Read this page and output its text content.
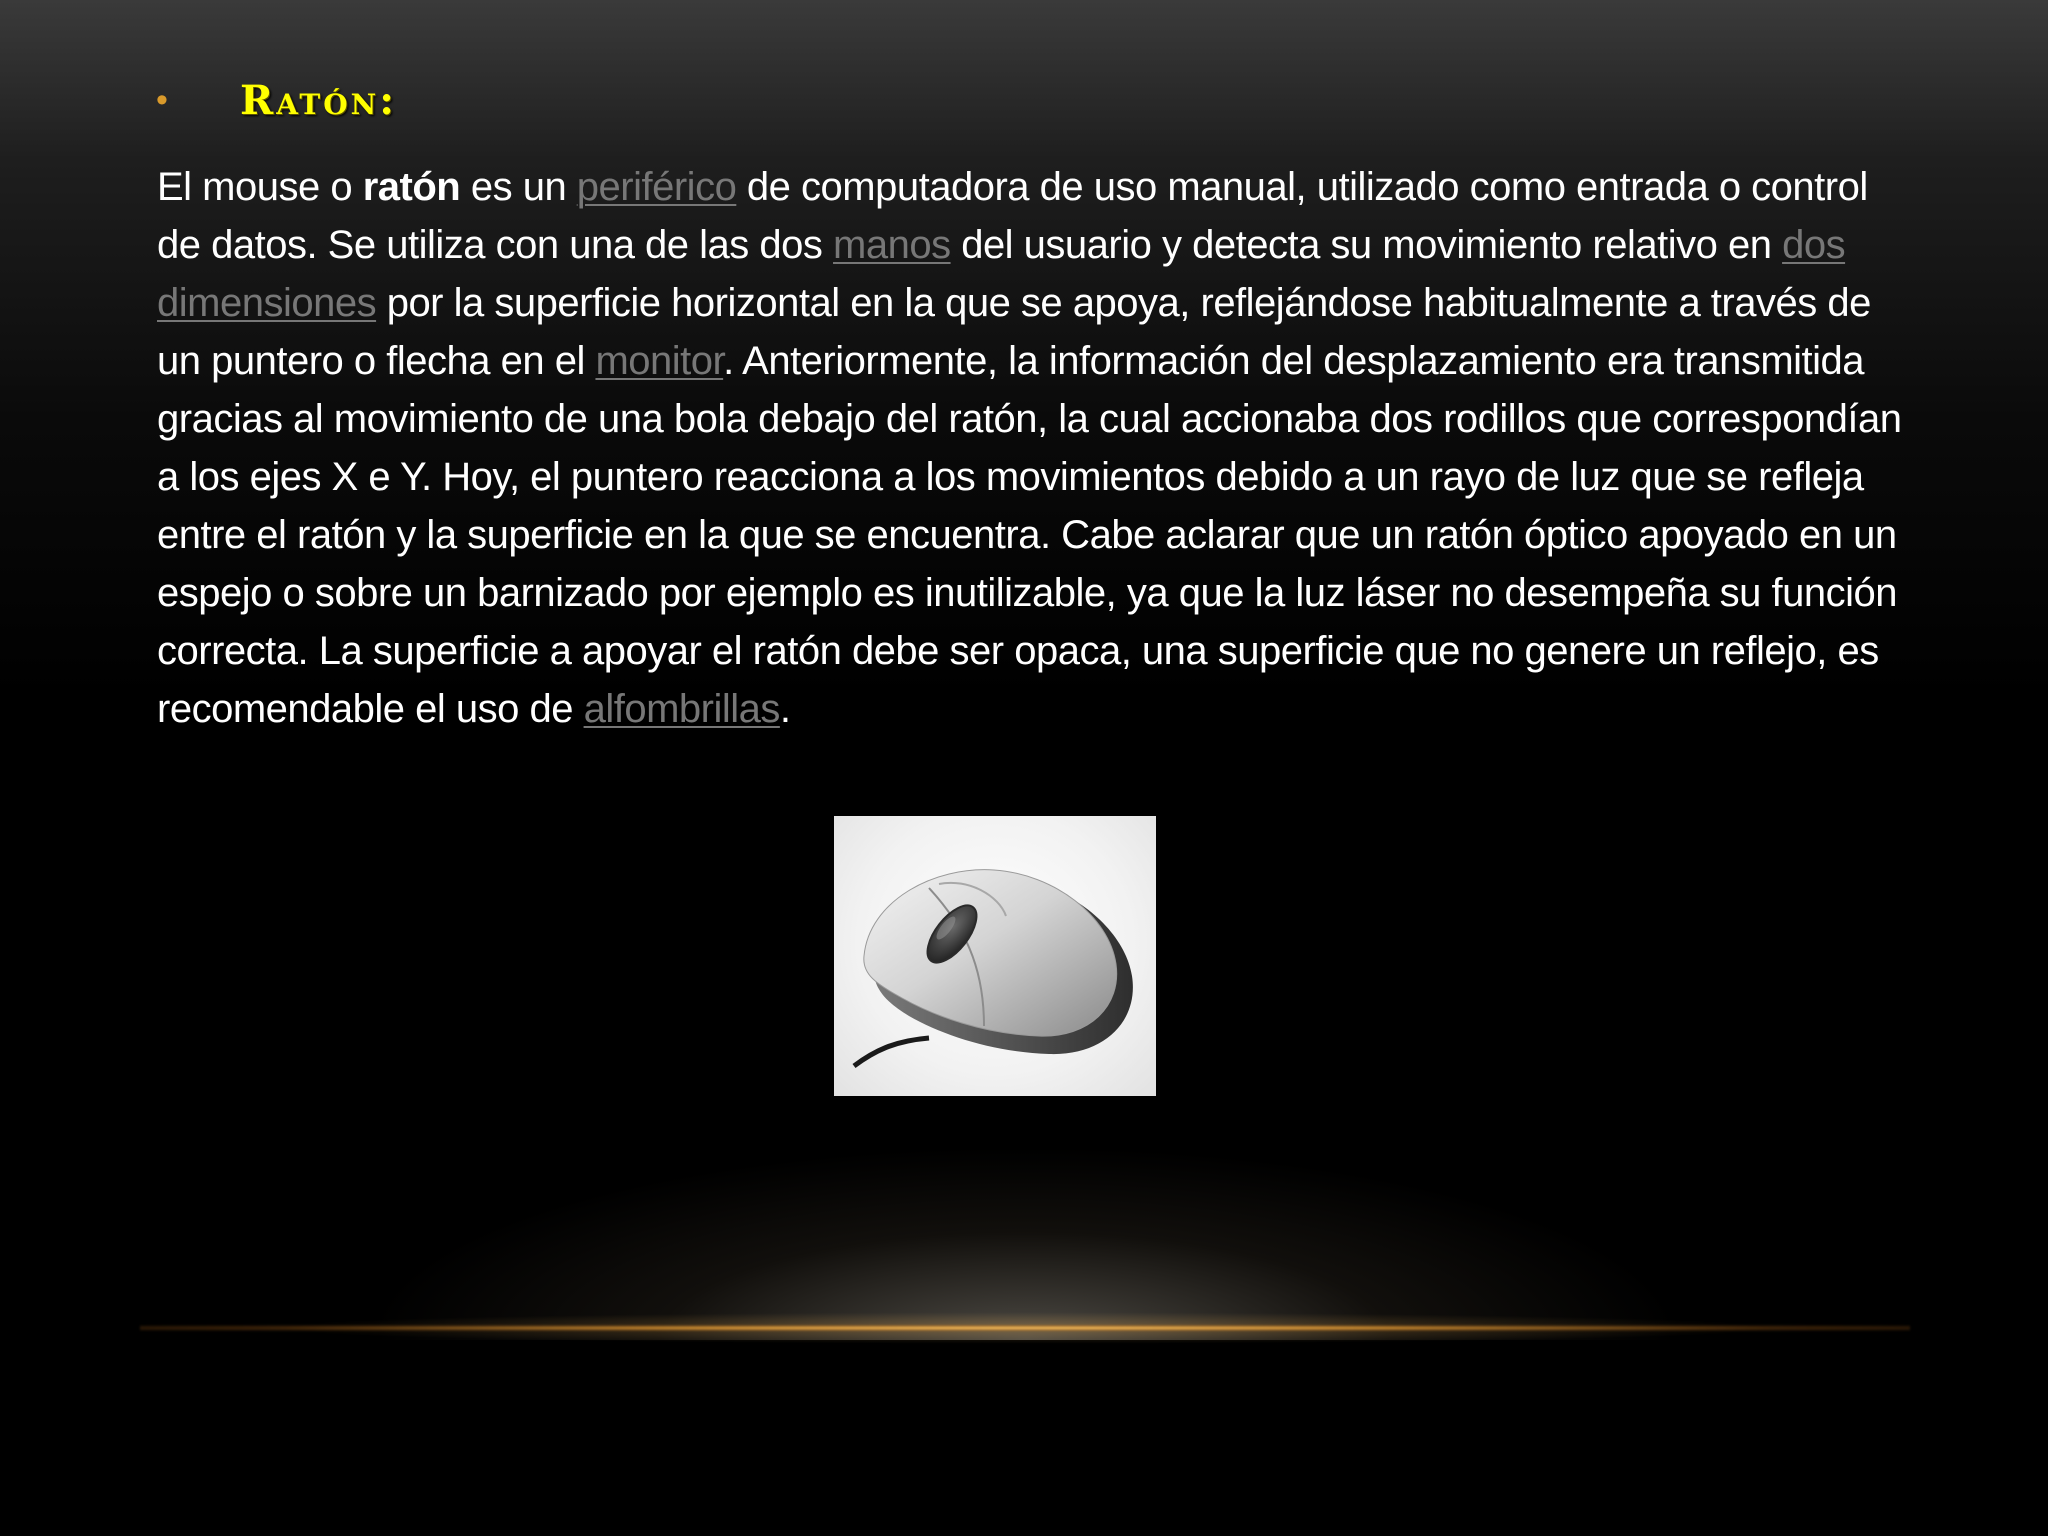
•	Ratón:

El mouse o ratón es un periférico de computadora de uso manual, utilizado como entrada o control de datos. Se utiliza con una de las dos manos del usuario y detecta su movimiento relativo en dos dimensiones por la superficie horizontal en la que se apoya, reflejándose habitualmente a través de un puntero o flecha en el monitor. Anteriormente, la información del desplazamiento era transmitida gracias al movimiento de una bola debajo del ratón, la cual accionaba dos rodillos que correspondían a los ejes X e Y. Hoy, el puntero reacciona a los movimientos debido a un rayo de luz que se refleja entre el ratón y la superficie en la que se encuentra. Cabe aclarar que un ratón óptico apoyado en un espejo o sobre un barnizado por ejemplo es inutilizable, ya que la luz láser no desempeña su función correcta. La superficie a apoyar el ratón debe ser opaca, una superficie que no genere un reflejo, es recomendable el uso de alfombrillas.
